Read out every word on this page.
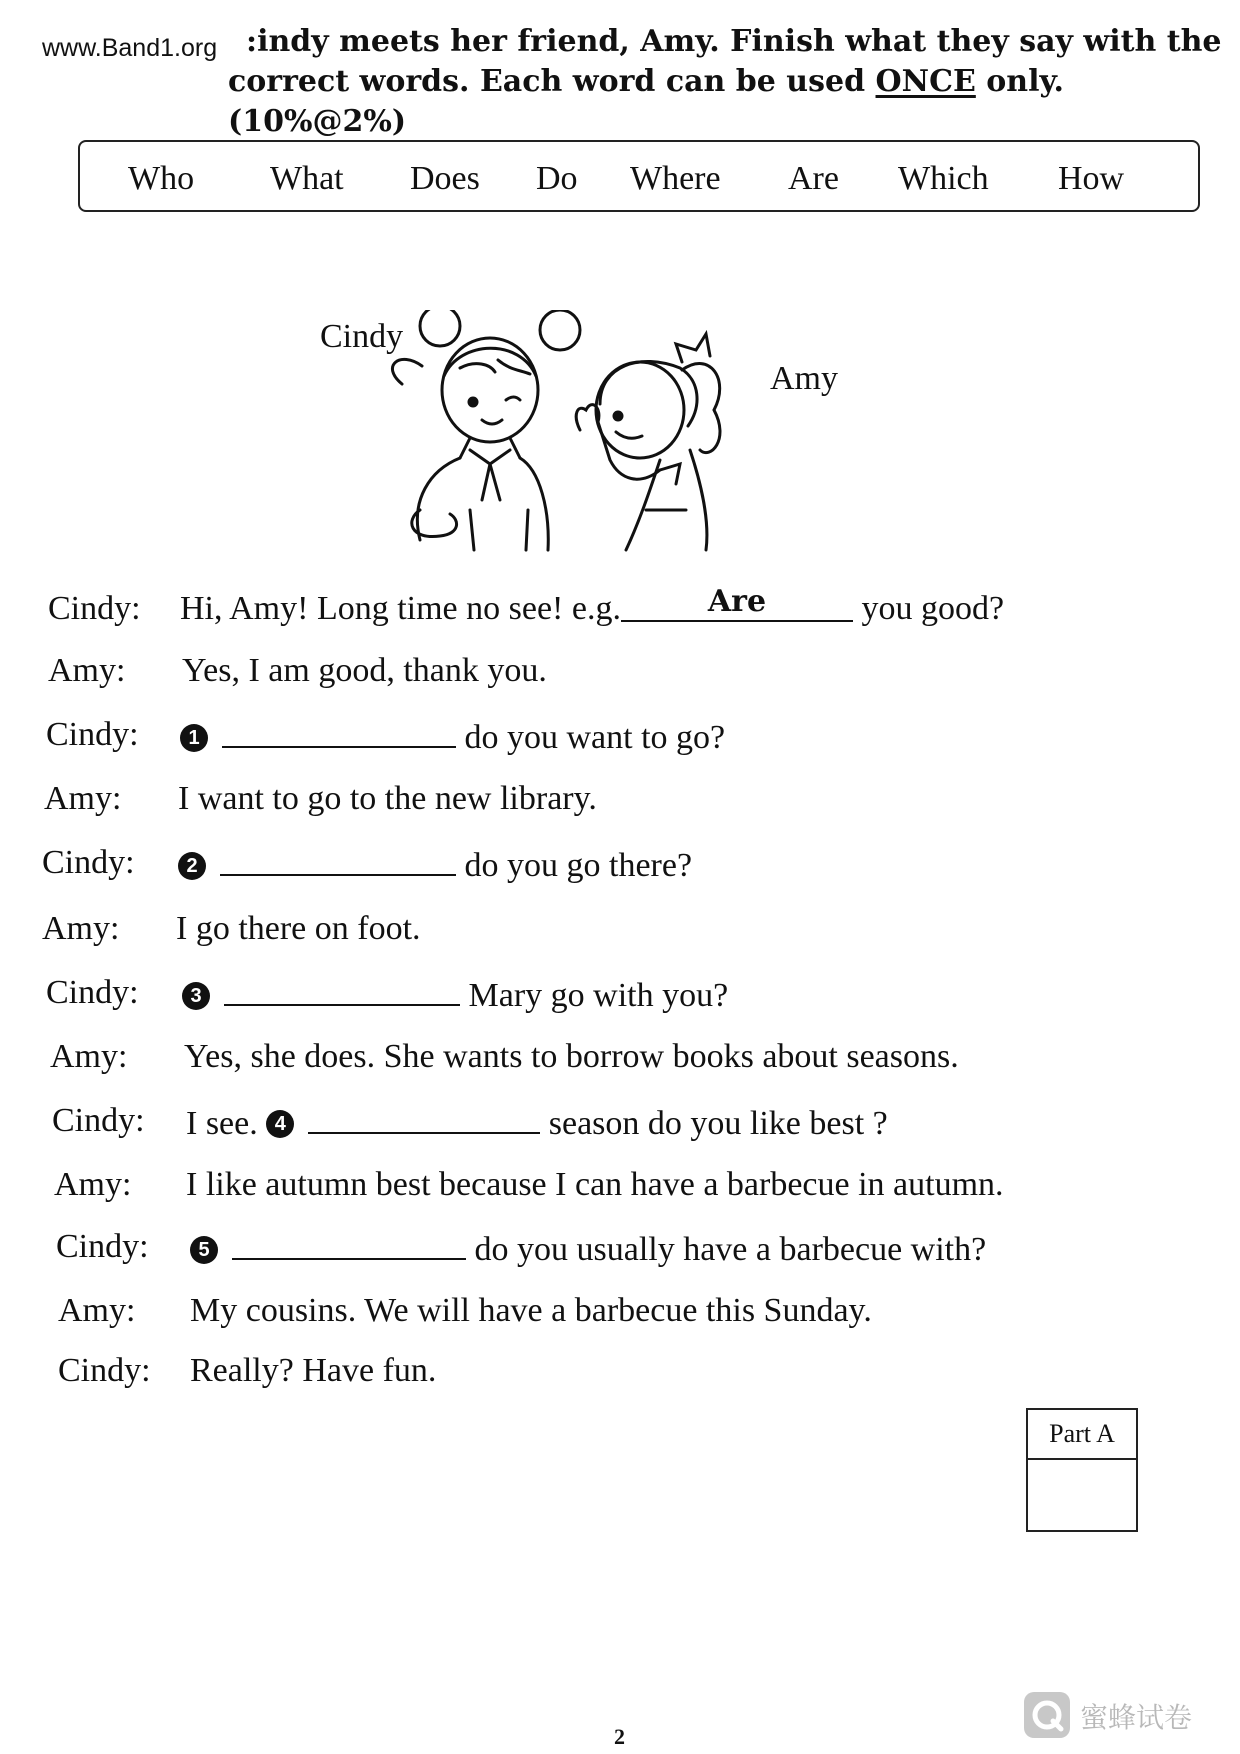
www.Band1.org :indy meets her friend, Amy. Finish what they say with the
correct words. Each word can be used ONCE only. (10%@2%)
Who What Does Do Where Are Which How
Cindy
Amy
Cindy: Hi, Amy! Long time no see! e.g.	Are	you good?
Amy: Yes, I am good, thank you.
Cindy:	1	do you want to go?
Amy: I want to go to the new library.
Cindy:	2	do you go there?
Amy: I go there on foot.
Cindy:	3	Mary go with you?
Amy: Yes, she does. She wants to borrow books about seasons.
Cindy: I see. 4	season do you like best ?
Amy: I like autumn best because I can have a barbecue in autumn.
Cindy:	5	do you usually have a barbecue with?
Amy: My cousins. We will have a barbecue this Sunday.
Cindy: Really? Have fun.
Part A
2
蜜蜂试卷
